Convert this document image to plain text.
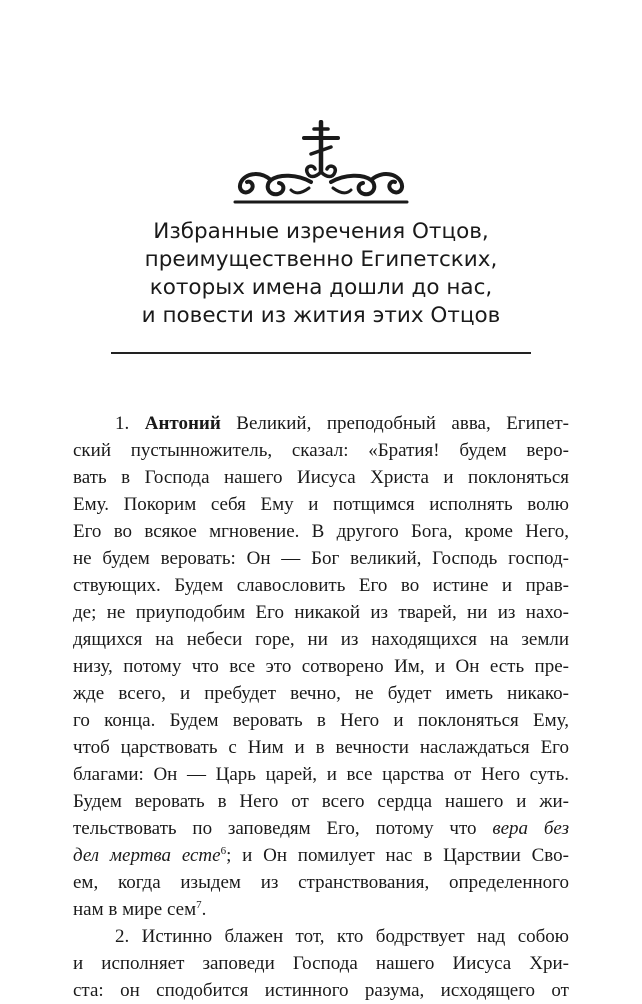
Избранные изречения Отцов,
преимущественно Египетских,
которых имена дошли до нас,
и повести из жития этих Отцов
1. Антоний Великий, преподобный авва, Египет-
ский пустынножитель, сказал: «Братия! будем веро-
вать в Господа нашего Иисуса Христа и поклоняться
Ему. Покорим себя Ему и потщимся исполнять волю
Его во всякое мгновение. В другого Бога, кроме Него,
не будем веровать: Он — Бог великий, Господь господ-
ствующих. Будем славословить Его во истине и прав-
де; не приуподобим Его никакой из тварей, ни из нахо-
дящихся на небеси горе, ни из находящихся на земли
низу, потому что все это сотворено Им, и Он есть пре-
жде всего, и пребудет вечно, не будет иметь никако-
го конца. Будем веровать в Него и поклоняться Ему,
чтоб царствовать с Ним и в вечности наслаждаться Его
благами: Он — Царь царей, и все царства от Него суть.
Будем веровать в Него от всего сердца нашего и жи-
тельствовать по заповедям Его, потому что вера без
дел мертва есте$^6$; и Он помилует нас в Царствии Сво-
ем, когда изыдем из странствования, определенного
нам в мире сем$^7$.
2. Истинно блажен тот, кто бодрствует над собою
и исполняет заповеди Господа нашего Иисуса Хри-
ста: он сподобится истинного разума, исходящего от
